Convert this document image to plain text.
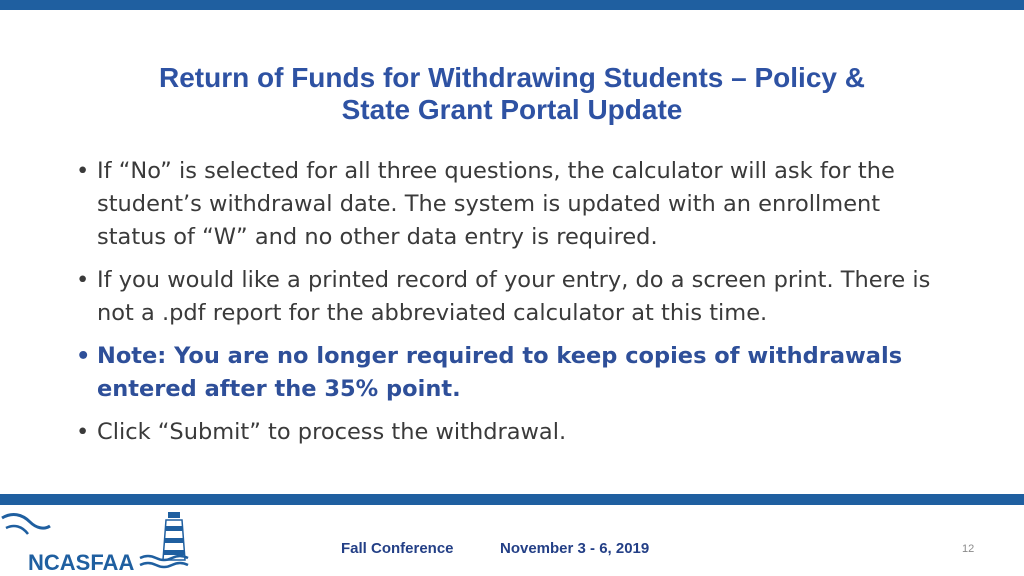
Return of Funds for Withdrawing Students – Policy &
State Grant Portal Update
• If “No” is selected for all three questions, the calculator will ask for the student’s withdrawal date. The system is updated with an enrollment status of “W” and no other data entry is required.
• If you would like a printed record of your entry, do a screen print. There is not a .pdf report for the abbreviated calculator at this time.
• Note: You are no longer required to keep copies of withdrawals entered after the 35% point.
• Click “Submit” to process the withdrawal.
NCASFAA
Fall Conference	November 3 - 6, 2019	12
